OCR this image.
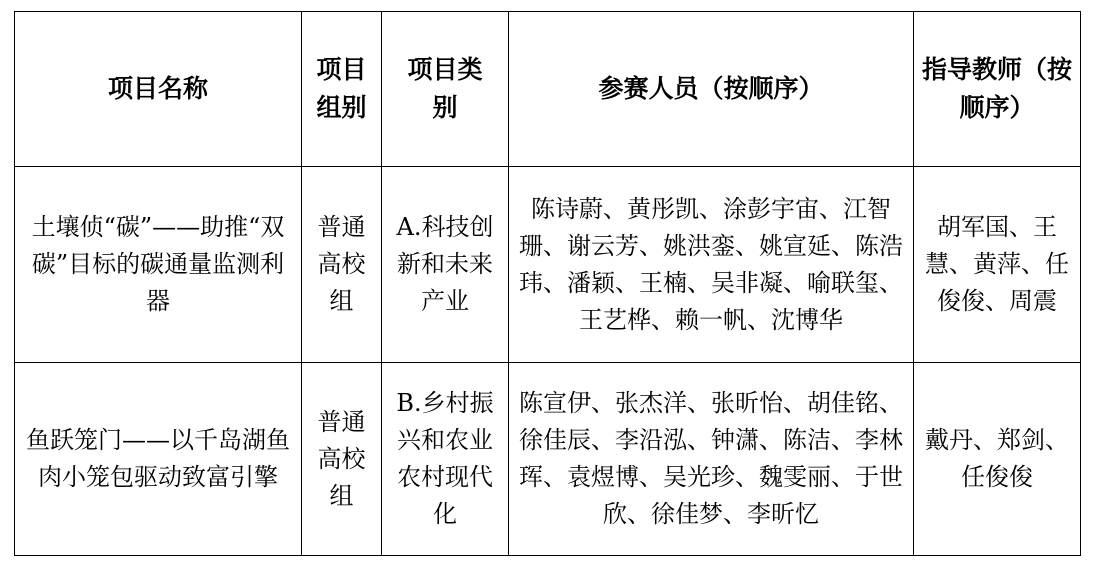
项目名称	项目组别	项目类别	参赛人员（按顺序）	指导教师（按顺序）
土壤侦“碳”——助推“双碳”目标的碳通量监测利器	普通高校组	A.科技创新和未来产业	陈诗蔚、黄彤凯、涂彭宇宙、江智珊、谢云芳、姚洪銮、姚宣延、陈浩玮、潘颖、王楠、吴非凝、喻联玺、王艺桦、赖一帆、沈博华	胡军国、王慧、黄萍、任俊俊、周震
鱼跃笼门——以千岛湖鱼肉小笼包驱动致富引擎	普通高校组	B.乡村振兴和农业农村现代化	陈宣伊、张杰洋、张昕怡、胡佳铭、徐佳辰、李沿泓、钟潇、陈洁、李林珲、袁煜博、吴光珍、魏雯丽、于世欣、徐佳梦、李昕忆	戴丹、郑剑、任俊俊
